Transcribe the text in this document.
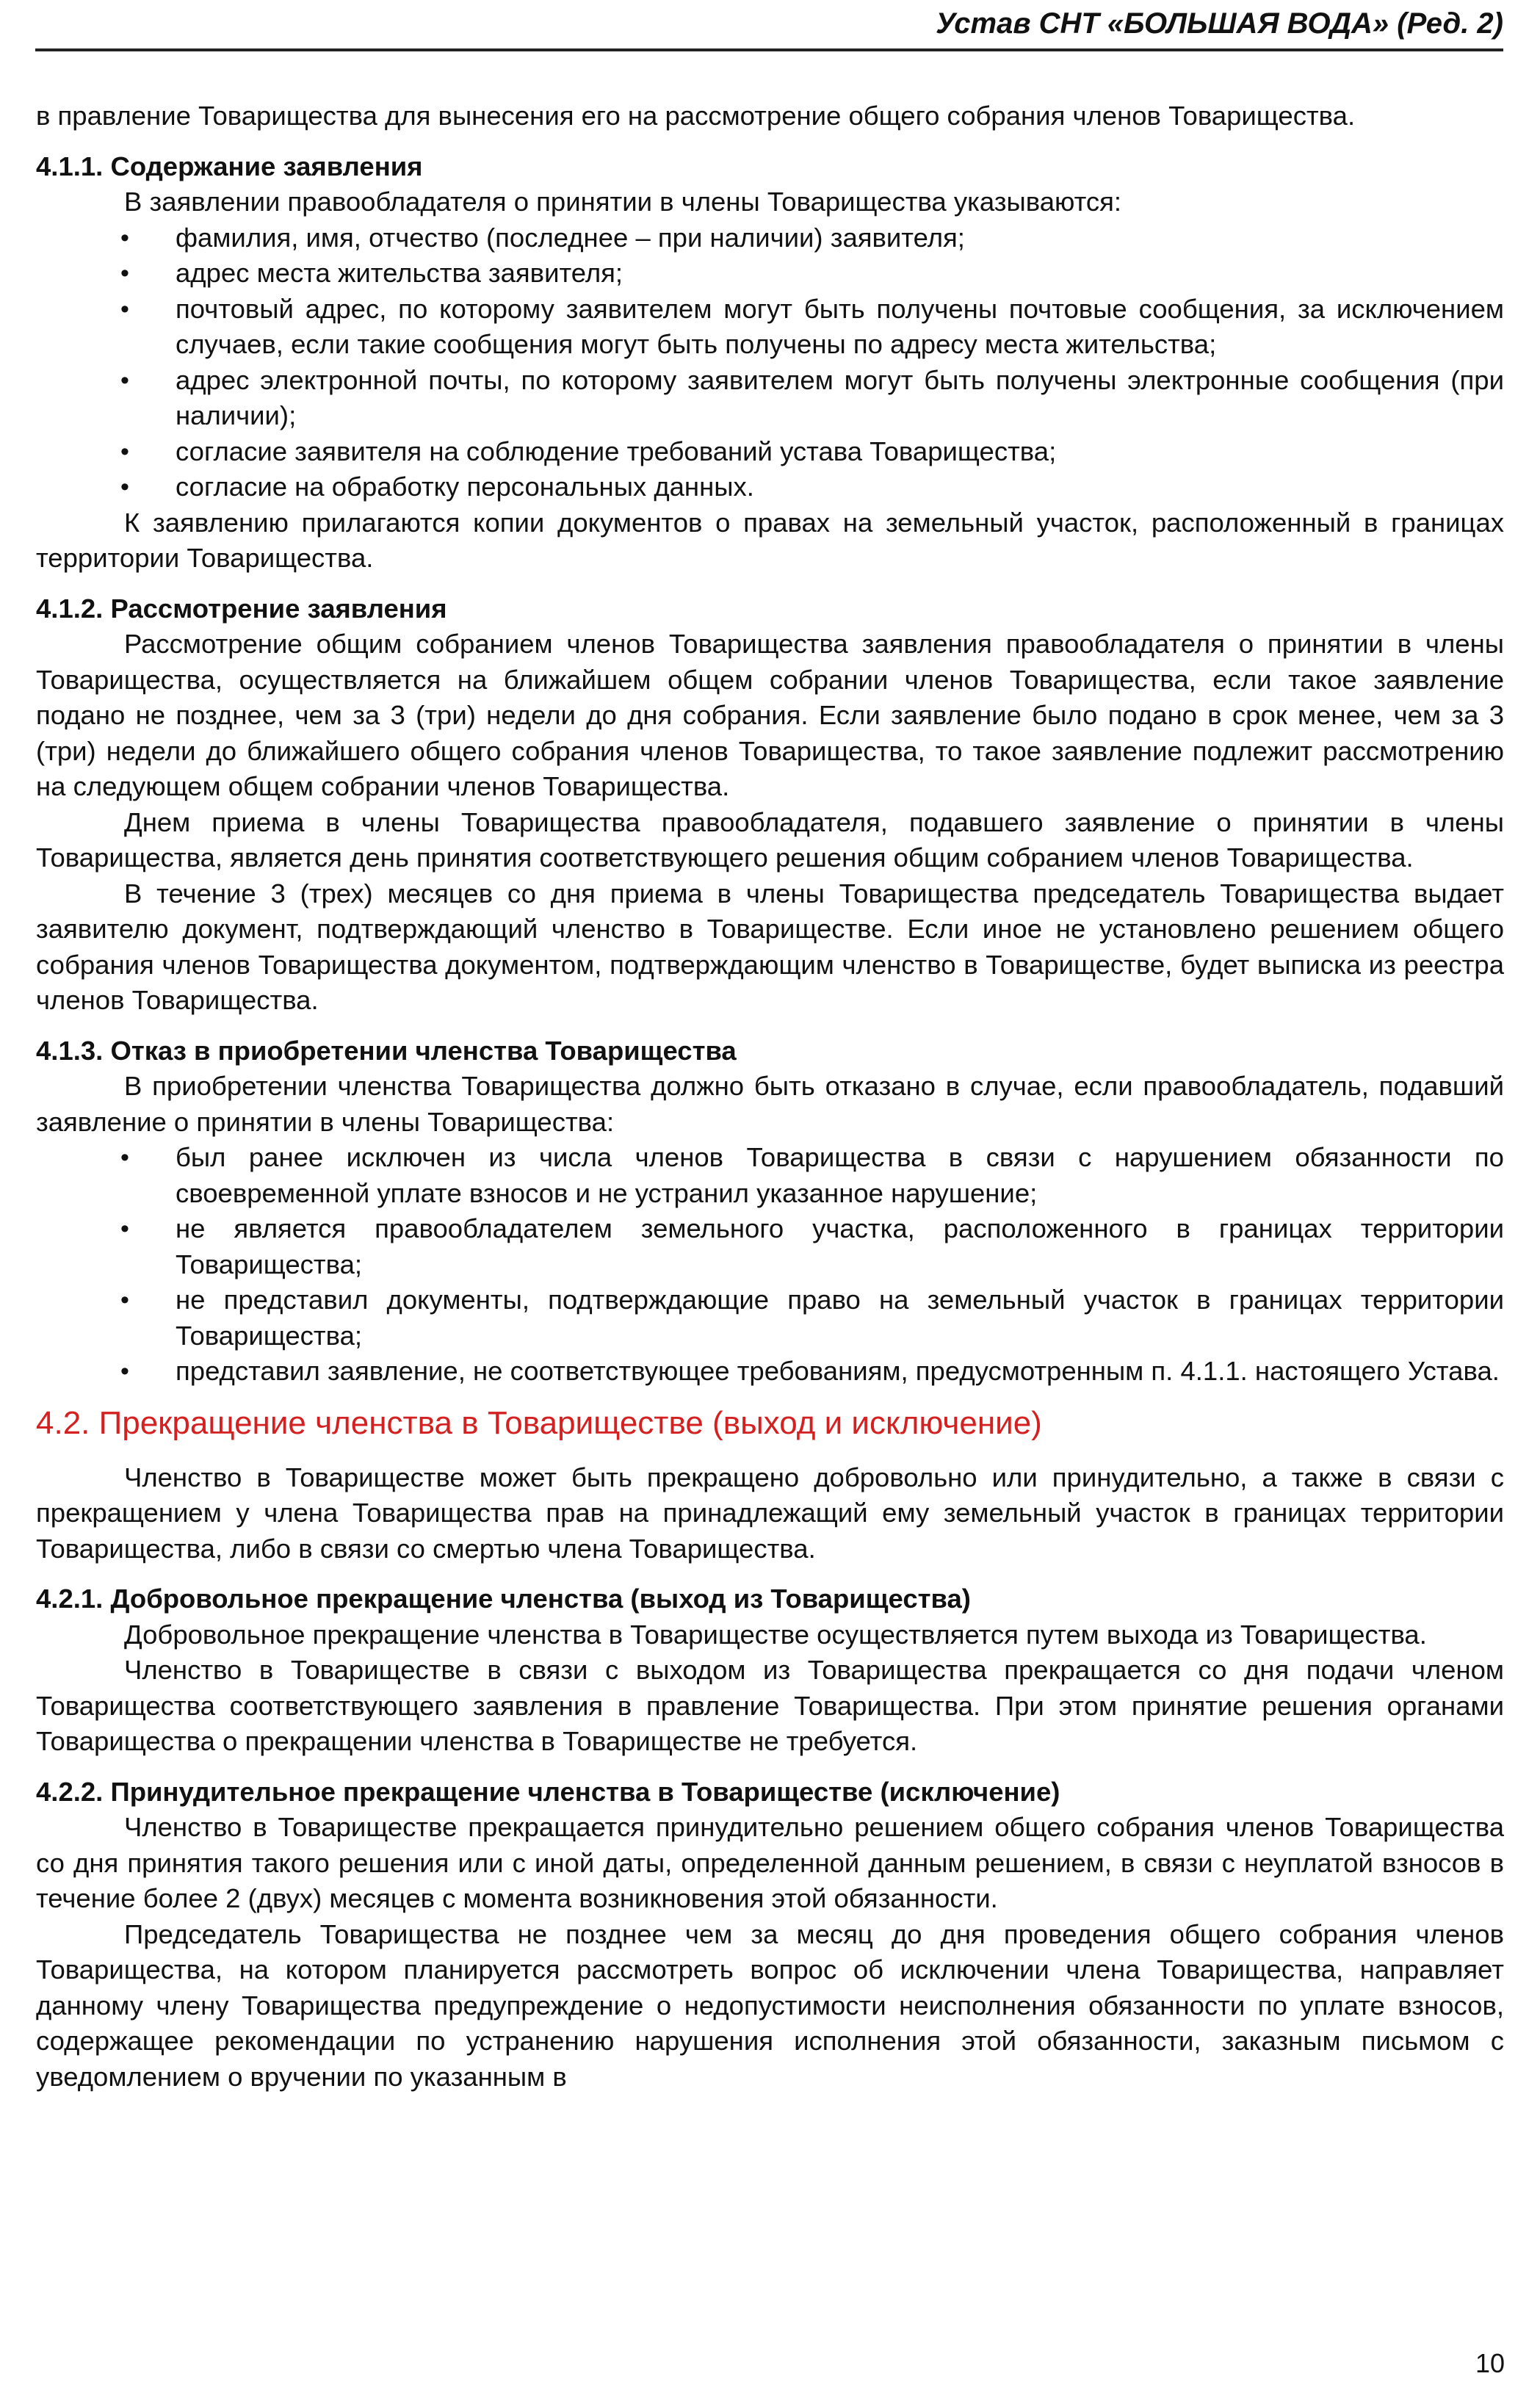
Устав СНТ «БОЛЬШАЯ ВОДА» (Ред. 2)

в правление Товарищества для вынесения его на рассмотрение общего собрания членов Товарищества.

4.1.1. Содержание заявления

В заявлении правообладателя о принятии в члены Товарищества указываются:

• фамилия, имя, отчество (последнее – при наличии) заявителя;
• адрес места жительства заявителя;
• почтовый адрес, по которому заявителем могут быть получены почтовые сообщения, за исключением случаев, если такие сообщения могут быть получены по адресу места жительства;
• адрес электронной почты, по которому заявителем могут быть получены электронные сообщения (при наличии);
• согласие заявителя на соблюдение требований устава Товарищества;
• согласие на обработку персональных данных.

К заявлению прилагаются копии документов о правах на земельный участок, расположенный в границах территории Товарищества.

4.1.2. Рассмотрение заявления

Рассмотрение общим собранием членов Товарищества заявления правообладателя о принятии в члены Товарищества, осуществляется на ближайшем общем собрании членов Товарищества, если такое заявление подано не позднее, чем за 3 (три) недели до дня собрания. Если заявление было подано в срок менее, чем за 3 (три) недели до ближайшего общего собрания членов Товарищества, то такое заявление подлежит рассмотрению на следующем общем собрании членов Товарищества.

Днем приема в члены Товарищества правообладателя, подавшего заявление о принятии в члены Товарищества, является день принятия соответствующего решения общим собранием членов Товарищества.

В течение 3 (трех) месяцев со дня приема в члены Товарищества председатель Товарищества выдает заявителю документ, подтверждающий членство в Товариществе. Если иное не установлено решением общего собрания членов Товарищества документом, подтверждающим членство в Товариществе, будет выписка из реестра членов Товарищества.

4.1.3. Отказ в приобретении членства Товарищества

В приобретении членства Товарищества должно быть отказано в случае, если правообладатель, подавший заявление о принятии в члены Товарищества:

• был ранее исключен из числа членов Товарищества в связи с нарушением обязанности по своевременной уплате взносов и не устранил указанное нарушение;
• не является правообладателем земельного участка, расположенного в границах территории Товарищества;
• не представил документы, подтверждающие право на земельный участок в границах территории Товарищества;
• представил заявление, не соответствующее требованиям, предусмотренным п. 4.1.1. настоящего Устава.

4.2. Прекращение членства в Товариществе (выход и исключение)

Членство в Товариществе может быть прекращено добровольно или принудительно, а также в связи с прекращением у члена Товарищества прав на принадлежащий ему земельный участок в границах территории Товарищества, либо в связи со смертью члена Товарищества.

4.2.1. Добровольное прекращение членства (выход из Товарищества)

Добровольное прекращение членства в Товариществе осуществляется путем выхода из Товарищества.

Членство в Товариществе в связи с выходом из Товарищества прекращается со дня подачи членом Товарищества соответствующего заявления в правление Товарищества. При этом принятие решения органами Товарищества о прекращении членства в Товариществе не требуется.

4.2.2. Принудительное прекращение членства в Товариществе (исключение)

Членство в Товариществе прекращается принудительно решением общего собрания членов Товарищества со дня принятия такого решения или с иной даты, определенной данным решением, в связи с неуплатой взносов в течение более 2 (двух) месяцев с момента возникновения этой обязанности.

Председатель Товарищества не позднее чем за месяц до дня проведения общего собрания членов Товарищества, на котором планируется рассмотреть вопрос об исключении члена Товарищества, направляет данному члену Товарищества предупреждение о недопустимости неисполнения обязанности по уплате взносов, содержащее рекомендации по устранению нарушения исполнения этой обязанности, заказным письмом с уведомлением о вручении по указанным в

10
